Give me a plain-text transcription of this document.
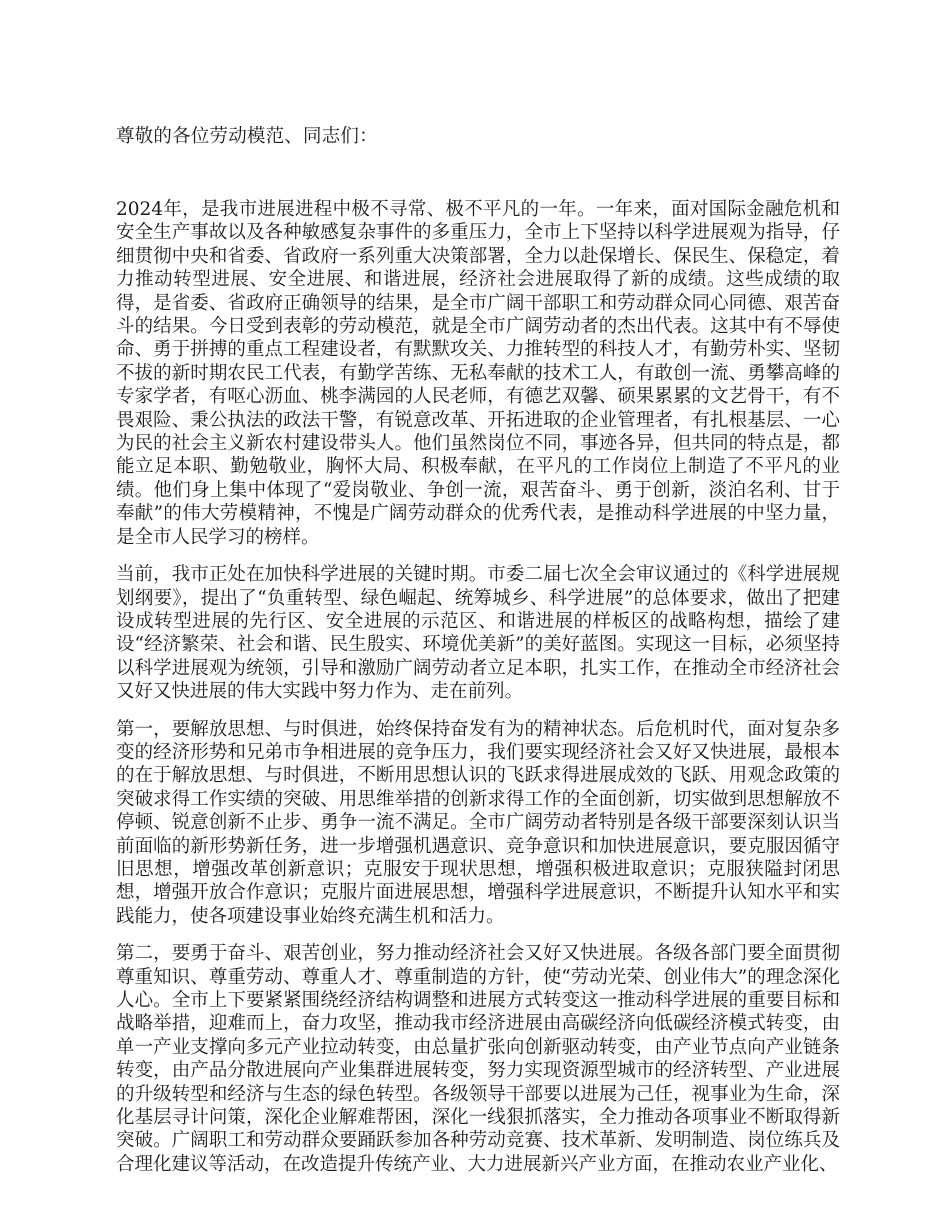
尊敬的各位劳动模范、同志们：

2024年，是我市进展进程中极不寻常、极不平凡的一年。一年来，面对国际金融危机和安全生产事故以及各种敏感复杂事件的多重压力，全市上下坚持以科学进展观为指导，仔细贯彻中央和省委、省政府一系列重大决策部署，全力以赴保增长、保民生、保稳定，着力推动转型进展、安全进展、和谐进展，经济社会进展取得了新的成绩。这些成绩的取得，是省委、省政府正确领导的结果，是全市广阔干部职工和劳动群众同心同德、艰苦奋斗的结果。今日受到表彰的劳动模范，就是全市广阔劳动者的杰出代表。这其中有不辱使命、勇于拼搏的重点工程建设者，有默默攻关、力推转型的科技人才，有勤劳朴实、坚韧不拔的新时期农民工代表，有勤学苦练、无私奉献的技术工人，有敢创一流、勇攀高峰的专家学者，有呕心沥血、桃李满园的人民老师，有德艺双馨、硕果累累的文艺骨干，有不畏艰险、秉公执法的政法干警，有锐意改革、开拓进取的企业管理者，有扎根基层、一心为民的社会主义新农村建设带头人。他们虽然岗位不同，事迹各异，但共同的特点是，都能立足本职、勤勉敬业，胸怀大局、积极奉献，在平凡的工作岗位上制造了不平凡的业绩。他们身上集中体现了“爱岗敬业、争创一流，艰苦奋斗、勇于创新，淡泊名利、甘于奉献”的伟大劳模精神，不愧是广阔劳动群众的优秀代表，是推动科学进展的中坚力量，是全市人民学习的榜样。

当前，我市正处在加快科学进展的关键时期。市委二届七次全会审议通过的《科学进展规划纲要》，提出了“负重转型、绿色崛起、统筹城乡、科学进展”的总体要求，做出了把建设成转型进展的先行区、安全进展的示范区、和谐进展的样板区的战略构想，描绘了建设“经济繁荣、社会和谐、民生殷实、环境优美新”的美好蓝图。实现这一目标，必须坚持以科学进展观为统领，引导和激励广阔劳动者立足本职，扎实工作，在推动全市经济社会又好又快进展的伟大实践中努力作为、走在前列。

第一，要解放思想、与时俱进，始终保持奋发有为的精神状态。后危机时代，面对复杂多变的经济形势和兄弟市争相进展的竞争压力，我们要实现经济社会又好又快进展，最根本的在于解放思想、与时俱进，不断用思想认识的飞跃求得进展成效的飞跃、用观念政策的突破求得工作实绩的突破、用思维举措的创新求得工作的全面创新，切实做到思想解放不停顿、锐意创新不止步、勇争一流不满足。全市广阔劳动者特别是各级干部要深刻认识当前面临的新形势新任务，进一步增强机遇意识、竞争意识和加快进展意识，要克服因循守旧思想，增强改革创新意识；克服安于现状思想，增强积极进取意识；克服狭隘封闭思想，增强开放合作意识；克服片面进展思想，增强科学进展意识，不断提升认知水平和实践能力，使各项建设事业始终充满生机和活力。

第二，要勇于奋斗、艰苦创业，努力推动经济社会又好又快进展。各级各部门要全面贯彻尊重知识、尊重劳动、尊重人才、尊重制造的方针，使“劳动光荣、创业伟大”的理念深化人心。全市上下要紧紧围绕经济结构调整和进展方式转变这一推动科学进展的重要目标和战略举措，迎难而上，奋力攻坚，推动我市经济进展由高碳经济向低碳经济模式转变，由单一产业支撑向多元产业拉动转变，由总量扩张向创新驱动转变，由产业节点向产业链条转变，由产品分散进展向产业集群进展转变，努力实现资源型城市的经济转型、产业进展的升级转型和经济与生态的绿色转型。各级领导干部要以进展为己任，视事业为生命，深化基层寻计问策，深化企业解难帮困，深化一线狠抓落实，全力推动各项事业不断取得新突破。广阔职工和劳动群众要踊跃参加各种劳动竞赛、技术革新、发明制造、岗位练兵及合理化建议等活动，在改造提升传统产业、大力进展新兴产业方面，在推动农业产业化、
